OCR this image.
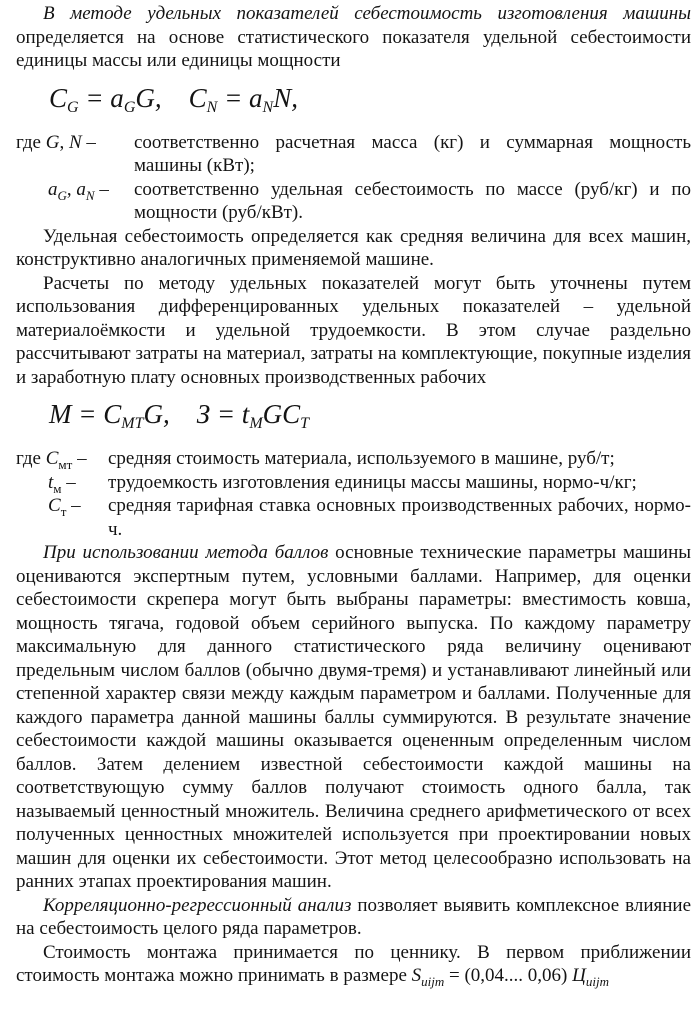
В методе удельных показателей себестоимость изготовления машины определяется на основе статистического показателя удельной себестоимости единицы массы или единицы мощности

$C_G = a_GG$,    $C_N = a_NN$,
где G, N –	соответственно расчетная масса (кг) и суммарная мощность машины (кВт);
$a_G$, $a_N$ –	соответственно удельная себестоимость по массе (руб/кг) и по мощности (руб/кВт).

Удельная себестоимость определяется как средняя величина для всех машин, конструктивно аналогичных применяемой машине.

Расчеты по методу удельных показателей могут быть уточнены путем использования дифференцированных удельных показателей – удельной материалоёмкости и удельной трудоемкости. В этом случае раздельно рассчитывают затраты на материал, затраты на комплектующие, покупные изделия и заработную плату основных производственных рабочих

$M = C_{MT}G$,    $З = t_MGC_T$
где $C_{мт}$ –	средняя стоимость материала, используемого в машине, руб/т;
$t_м$ –	трудоемкость изготовления единицы массы машины, нормо-ч/кг;
$C_т$ –	средняя тарифная ставка основных производственных рабочих, нормо-ч.

При использовании метода баллов основные технические параметры машины оцениваются экспертным путем, условными баллами. Например, для оценки себестоимости скрепера могут быть выбраны параметры: вместимость ковша, мощность тягача, годовой объем серийного выпуска. По каждому параметру максимальную для данного статистического ряда величину оценивают предельным числом баллов (обычно двумя-тремя) и устанавливают линейный или степенной характер связи между каждым параметром и баллами. Полученные для каждого параметра данной машины баллы суммируются. В результате значение себестоимости каждой машины оказывается оцененным определенным числом баллов. Затем делением известной себестоимости каждой машины на соответствующую сумму баллов получают стоимость одного балла, так называемый ценностный множитель. Величина среднего арифметического от всех полученных ценностных множителей используется при проектировании новых машин для оценки их себестоимости. Этот метод целесообразно использовать на ранних этапах проектирования машин.

Корреляционно-регрессионный анализ позволяет выявить комплексное влияние на себестоимость целого ряда параметров.

Стоимость монтажа принимается по ценнику. В первом приближении стоимость монтажа можно принимать в размере $S_{uijm} = (0,04$.... 0,06) $Ц_{uijm}$
